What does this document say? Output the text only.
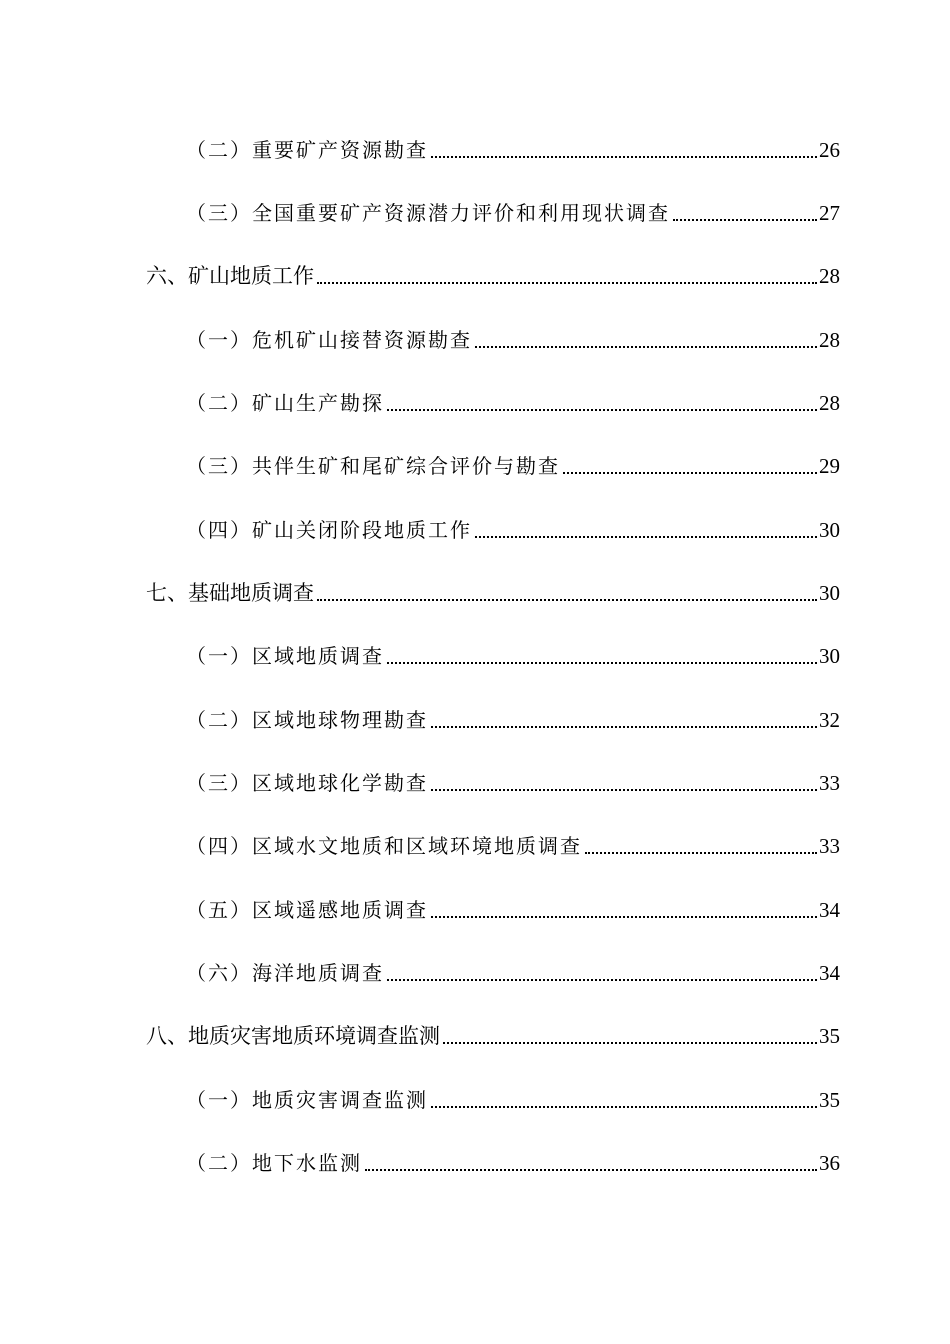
（二）重要矿产资源勘查	26
（三）全国重要矿产资源潜力评价和利用现状调查	27
六、矿山地质工作	28
（一）危机矿山接替资源勘查	28
（二）矿山生产勘探	28
（三）共伴生矿和尾矿综合评价与勘查	29
（四）矿山关闭阶段地质工作	30
七、基础地质调查	30
（一）区域地质调查	30
（二）区域地球物理勘查	32
（三）区域地球化学勘查	33
（四）区域水文地质和区域环境地质调查	33
（五）区域遥感地质调查	34
（六）海洋地质调查	34
八、地质灾害地质环境调查监测	35
（一）地质灾害调查监测	35
（二）地下水监测	36
